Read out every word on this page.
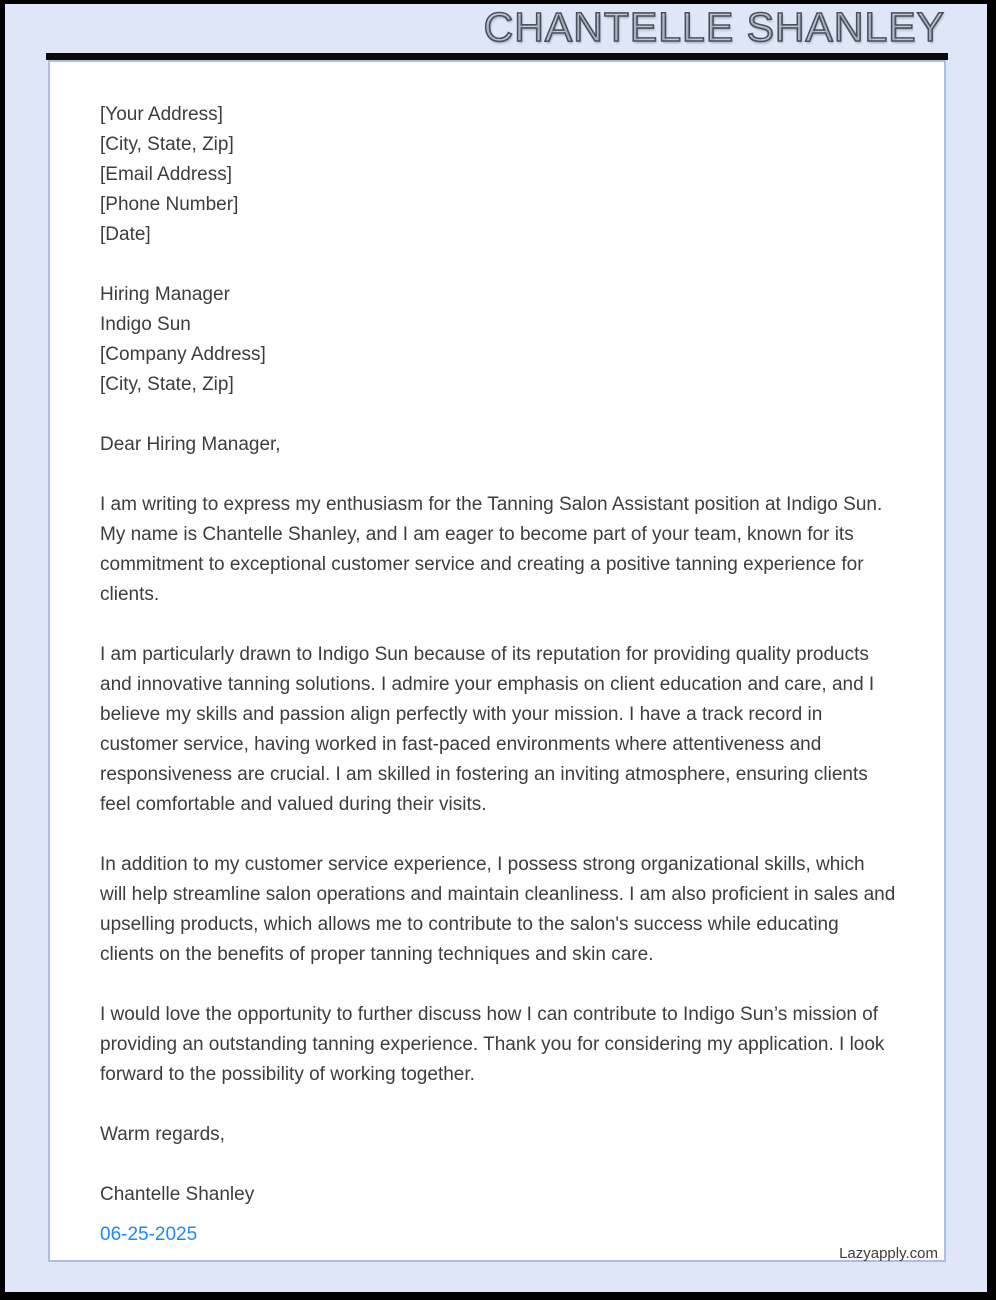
CHANTELLE SHANLEY
[Your Address]
[City, State, Zip]
[Email Address]
[Phone Number]
[Date]
Hiring Manager
Indigo Sun
[Company Address]
[City, State, Zip]
Dear Hiring Manager,

I am writing to express my enthusiasm for the Tanning Salon Assistant position at Indigo Sun. My name is Chantelle Shanley, and I am eager to become part of your team, known for its commitment to exceptional customer service and creating a positive tanning experience for clients.

I am particularly drawn to Indigo Sun because of its reputation for providing quality products and innovative tanning solutions. I admire your emphasis on client education and care, and I believe my skills and passion align perfectly with your mission. I have a track record in customer service, having worked in fast-paced environments where attentiveness and responsiveness are crucial. I am skilled in fostering an inviting atmosphere, ensuring clients feel comfortable and valued during their visits.

In addition to my customer service experience, I possess strong organizational skills, which will help streamline salon operations and maintain cleanliness. I am also proficient in sales and upselling products, which allows me to contribute to the salon's success while educating clients on the benefits of proper tanning techniques and skin care.

I would love the opportunity to further discuss how I can contribute to Indigo Sun’s mission of providing an outstanding tanning experience. Thank you for considering my application. I look forward to the possibility of working together.

Warm regards,
Chantelle Shanley
06-25-2025
Lazyapply.com
